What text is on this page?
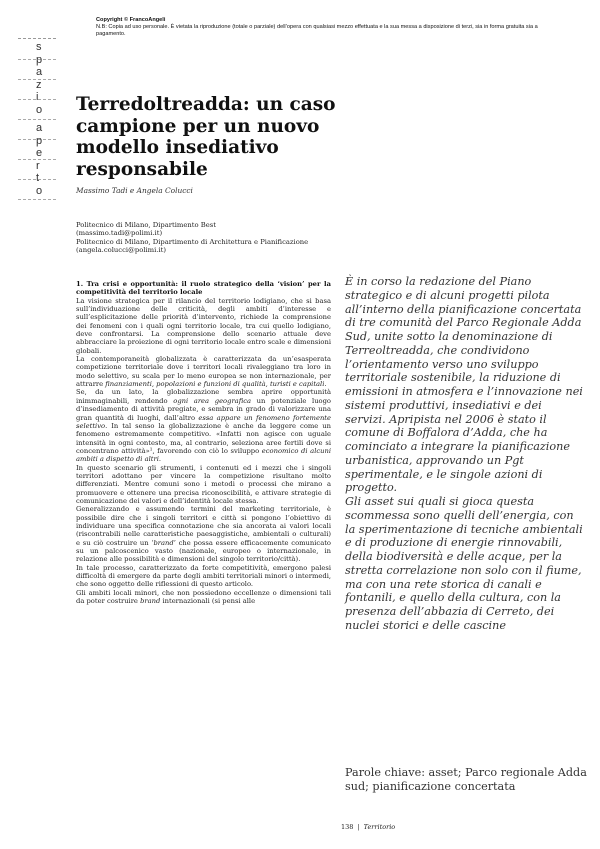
Copyright © FrancoAngeli
N.B: Copia ad uso personale. È vietata la riproduzione (totale o parziale) dell’opera con qualsiasi mezzo effettuata e la sua messa a disposizione di terzi, sia in forma gratuita sia a pagamento.
s
p
a
z
i
o
a
p
e
r
t
o
Terredoltreadda: un caso campione per un nuovo modello insediativo responsabile
Massimo Tadi e Angela Colucci
Politecnico di Milano, Dipartimento Best
(massimo.tadi@polimi.it)
Politecnico di Milano, Dipartimento di Architettura e Pianificazione
(angela.colucci@polimi.it)

1. Tra crisi e opportunità: il ruolo strategico della ‘vision’ per la competitività del territorio locale

La visione strategica per il rilancio del territorio lodigiano, che si basa sull’individuazione delle criticità, degli ambiti d’interesse e sull’esplicitazione delle priorità d’intervento, richiede la comprensione dei fenomeni con i quali ogni territorio locale, tra cui quello lodigiano, deve confrontarsi. La comprensione dello scenario attuale deve abbracciare la proiezione di ogni territorio locale entro scale e dimensioni globali.

La contemporaneità globalizzata è caratterizzata da un’esasperata competizione territoriale dove i territori locali rivaleggiano tra loro in modo selettivo, su scala per lo meno europea se non internazionale, per attrarre finanziamenti, popolazioni e funzioni di qualità, turisti e capitali.

Se, da un lato, la globalizzazione sembra aprire opportunità inimmaginabili, rendendo ogni area geografica un potenziale luogo d’insediamento di attività pregiate, e sembra in grado di valorizzare una gran quantità di luoghi, dall’altro essa appare un fenomeno fortemente selettivo. In tal senso la globalizzazione è anche da leggere come un fenomeno estremamente competitivo. «Infatti non agisce con uguale intensità in ogni contesto, ma, al contrario, seleziona aree fertili dove si concentrano attività»¹, favorendo con ciò lo sviluppo economico di alcuni ambiti a dispetto di altri.

In questo scenario gli strumenti, i contenuti ed i mezzi che i singoli territori adottano per vincere la competizione risultano molto differenziati. Mentre comuni sono i metodi o processi che mirano a promuovere e ottenere una precisa riconoscibilità, e attivare strategie di comunicazione dei valori e dell’identità locale stessa.

Generalizzando e assumendo termini del marketing territoriale, è possibile dire che i singoli territori e città si pongono l’obiettivo di individuare una specifica connotazione che sia ancorata ai valori locali (riscontrabili nelle caratteristiche paesaggistiche, ambientali o culturali) e su ciò costruire un ‘brand’ che possa essere efficacemente comunicato su un palcoscenico vasto (nazionale, europeo o internazionale, in relazione alle possibilità e dimensioni del singolo territorio/città).

In tale processo, caratterizzato da forte competitività, emergono palesi difficoltà di emergere da parte degli ambiti territoriali minori o intermedi, che sono oggetto delle riflessioni di questo articolo.

Gli ambiti locali minori, che non possiedono eccellenze o dimensioni tali da poter costruire brand internazionali (si pensi alle

È in corso la redazione del Piano strategico e di alcuni progetti pilota all’interno della pianificazione concertata di tre comunità del Parco Regionale Adda Sud, unite sotto la denominazione di Terreoltreadda, che condividono l’orientamento verso uno sviluppo territoriale sostenibile, la riduzione di emissioni in atmosfera e l’innovazione nei sistemi produttivi, insediativi e dei servizi. Apripista nel 2006 è stato il comune di Boffalora d’Adda, che ha cominciato a integrare la pianificazione urbanistica, approvando un Pgt sperimentale, e le singole azioni di progetto.

Gli asset sui quali si gioca questa scommessa sono quelli dell’energia, con la sperimentazione di tecniche ambientali e di produzione di energie rinnovabili, della biodiversità e delle acque, per la stretta correlazione non solo con il fiume, ma con una rete storica di canali e fontanili, e quello della cultura, con la presenza dell’abbazia di Cerreto, dei nuclei storici e delle cascine

Parole chiave: asset; Parco regionale Adda sud; pianificazione concertata
138 | Territorio
